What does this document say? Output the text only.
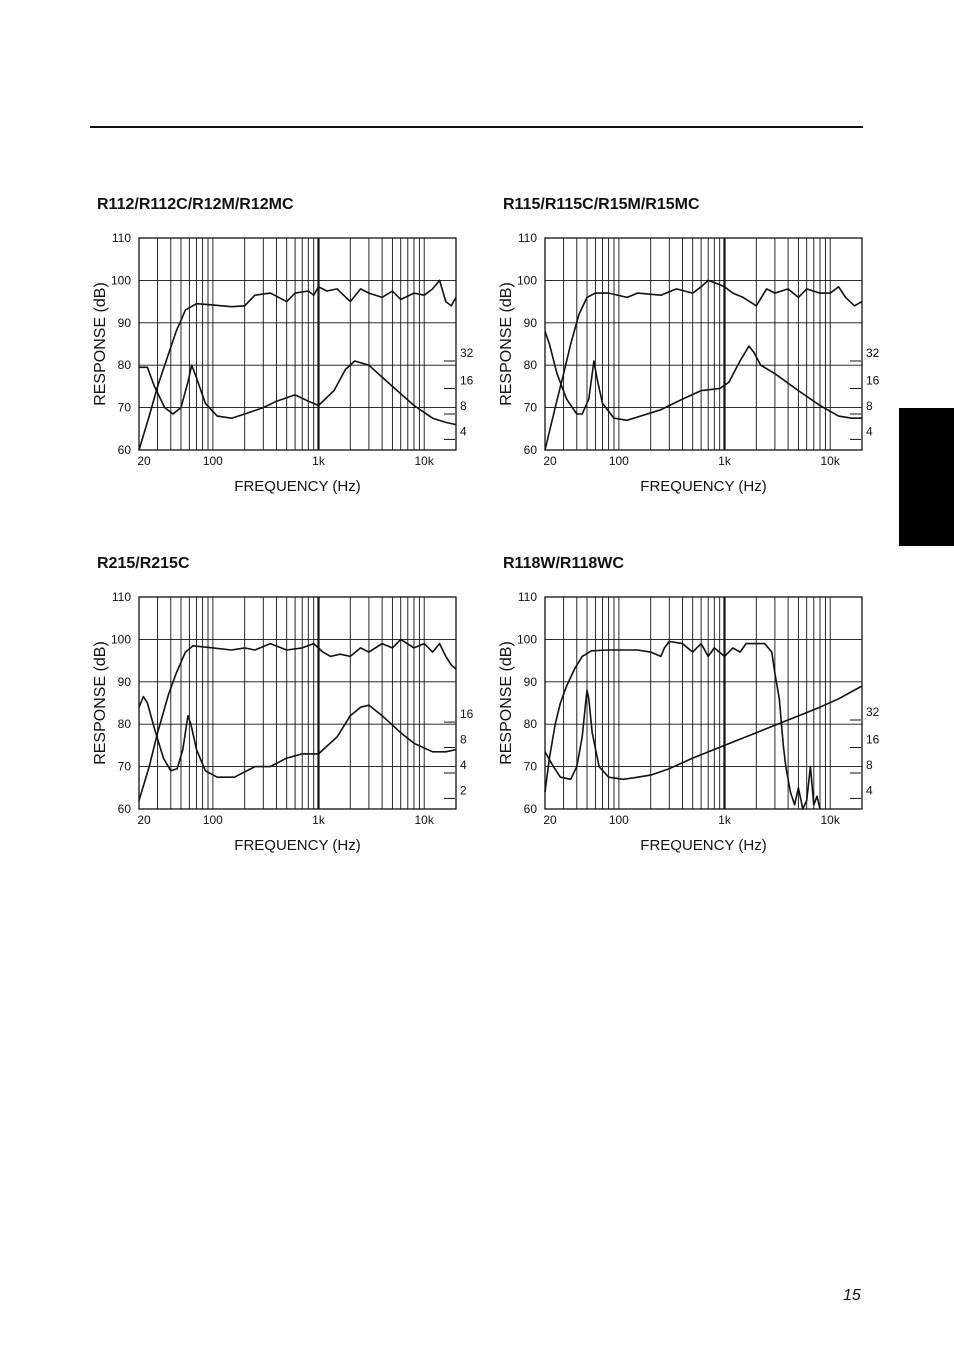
R112/R112C/R12M/R12MC
60
70
80
90
100
110
20	100	1k	10k
32
16
8
4
FREQUENCY (Hz)
RESPONSE (dB)
R115/R115C/R15M/R15MC
60
70
80
90
100
110
20	100	1k	10k
32
16
8
4
FREQUENCY (Hz)
RESPONSE (dB)
R215/R215C
60
70
80
90
100
110
20	100	1k	10k
16
8
4
2
FREQUENCY (Hz)
RESPONSE (dB)
R118W/R118WC
60
70
80
90
100
110
20	100	1k	10k
32
16
8
4
FREQUENCY (Hz)
RESPONSE (dB)
15
